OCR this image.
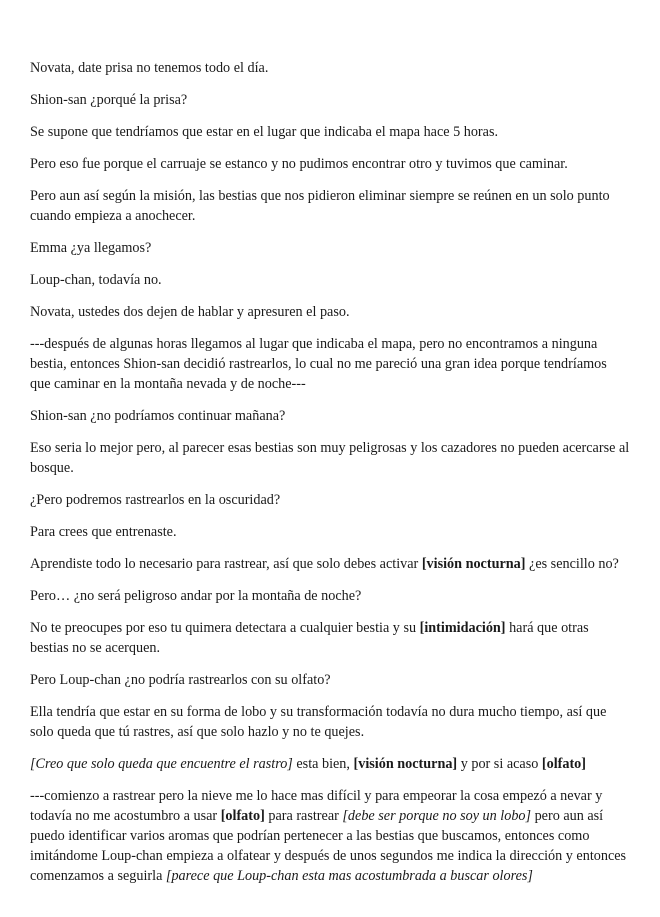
Novata, date prisa no tenemos todo el día.

Shion-san ¿porqué la prisa?

Se supone que tendríamos que estar en el lugar que indicaba el mapa hace 5 horas.

Pero eso fue porque el carruaje se estanco y no pudimos encontrar otro y tuvimos que caminar.

Pero aun así según la misión, las bestias que nos pidieron eliminar siempre se reúnen en un solo punto cuando empieza a anochecer.

Emma ¿ya llegamos?

Loup-chan, todavía no.

Novata, ustedes dos dejen de hablar y apresuren el paso.

---después de algunas horas llegamos al lugar que indicaba el mapa, pero no encontramos a ninguna bestia, entonces Shion-san decidió rastrearlos, lo cual no me pareció una gran idea porque tendríamos que caminar en la montaña nevada y de noche---

Shion-san ¿no podríamos continuar mañana?

Eso seria lo mejor pero, al parecer esas bestias son muy peligrosas y los cazadores no pueden acercarse al bosque.

¿Pero podremos rastrearlos en la oscuridad?

Para crees que entrenaste.

Aprendiste todo lo necesario para rastrear, así que solo debes activar [visión nocturna] ¿es sencillo no?

Pero… ¿no será peligroso andar por la montaña de noche?

No te preocupes por eso tu quimera detectara a cualquier bestia y su [intimidación] hará que otras bestias no se acerquen.

Pero Loup-chan ¿no podría rastrearlos con su olfato?

Ella tendría que estar en su forma de lobo y su transformación todavía no dura mucho tiempo, así que solo queda que tú rastres, así que solo hazlo y no te quejes.

[Creo que solo queda que encuentre el rastro] esta bien, [visión nocturna] y por si acaso [olfato]

---comienzo a rastrear pero la nieve me lo hace mas difícil y para empeorar la cosa empezó a nevar y todavía no me acostumbro a usar [olfato] para rastrear [debe ser porque no soy un lobo] pero aun así puedo identificar varios aromas que podrían pertenecer a las bestias que buscamos, entonces como imitándome Loup-chan empieza a olfatear y después de unos segundos me indica la dirección y entonces comenzamos a seguirla [parece que Loup-chan esta mas acostumbrada a buscar olores]
